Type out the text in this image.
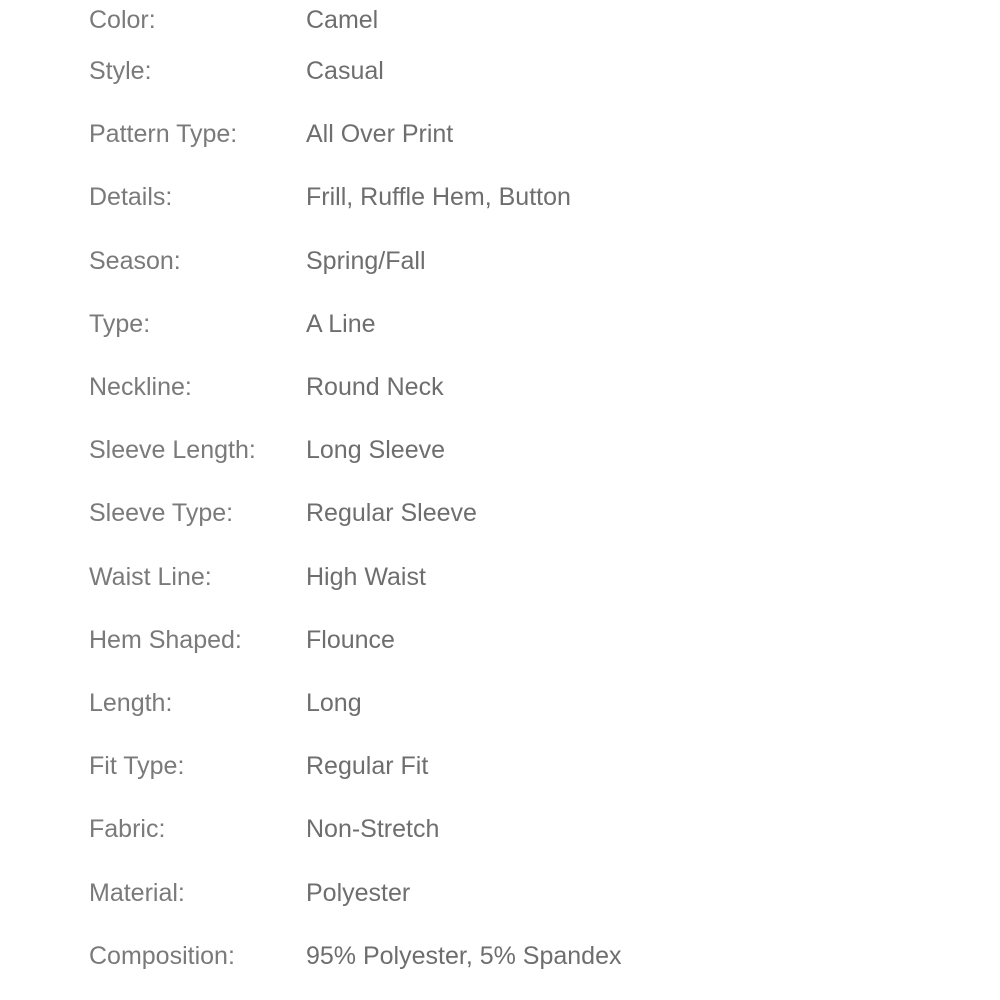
Color:	Camel
Style:	Casual
Pattern Type:	All Over Print
Details:	Frill, Ruffle Hem, Button
Season:	Spring/Fall
Type:	A Line
Neckline:	Round Neck
Sleeve Length:	Long Sleeve
Sleeve Type:	Regular Sleeve
Waist Line:	High Waist
Hem Shaped:	Flounce
Length:	Long
Fit Type:	Regular Fit
Fabric:	Non-Stretch
Material:	Polyester
Composition:	95% Polyester, 5% Spandex
